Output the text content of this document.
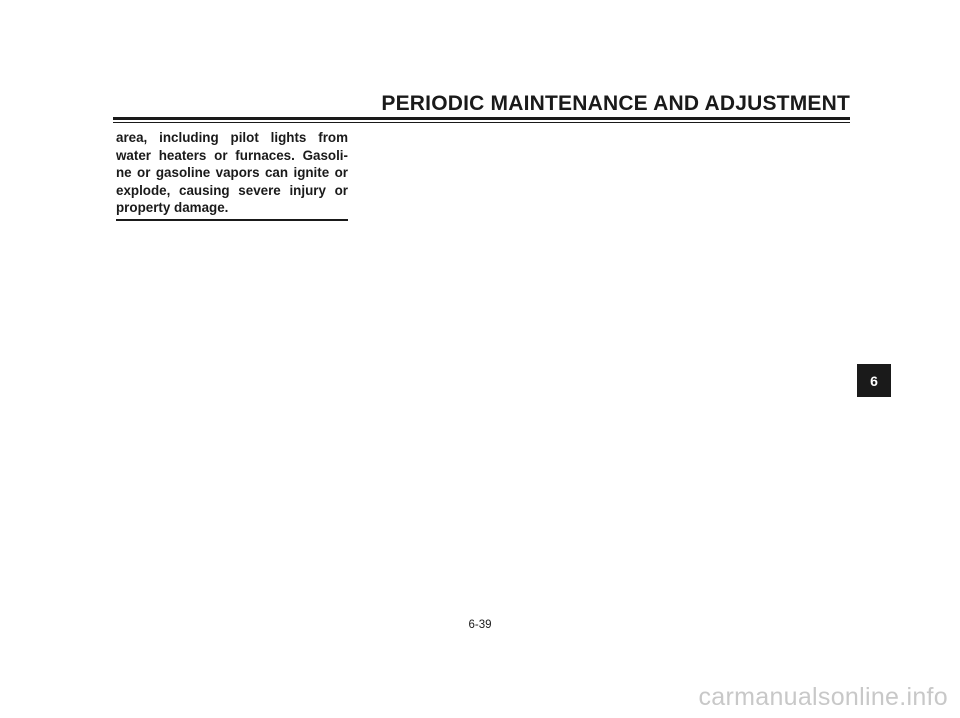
PERIODIC MAINTENANCE AND ADJUSTMENT
area, including pilot lights from
water heaters or furnaces. Gasoli-
ne or gasoline vapors can ignite or
explode, causing severe injury or
property damage.
6
6-39
carmanualsonline.info
